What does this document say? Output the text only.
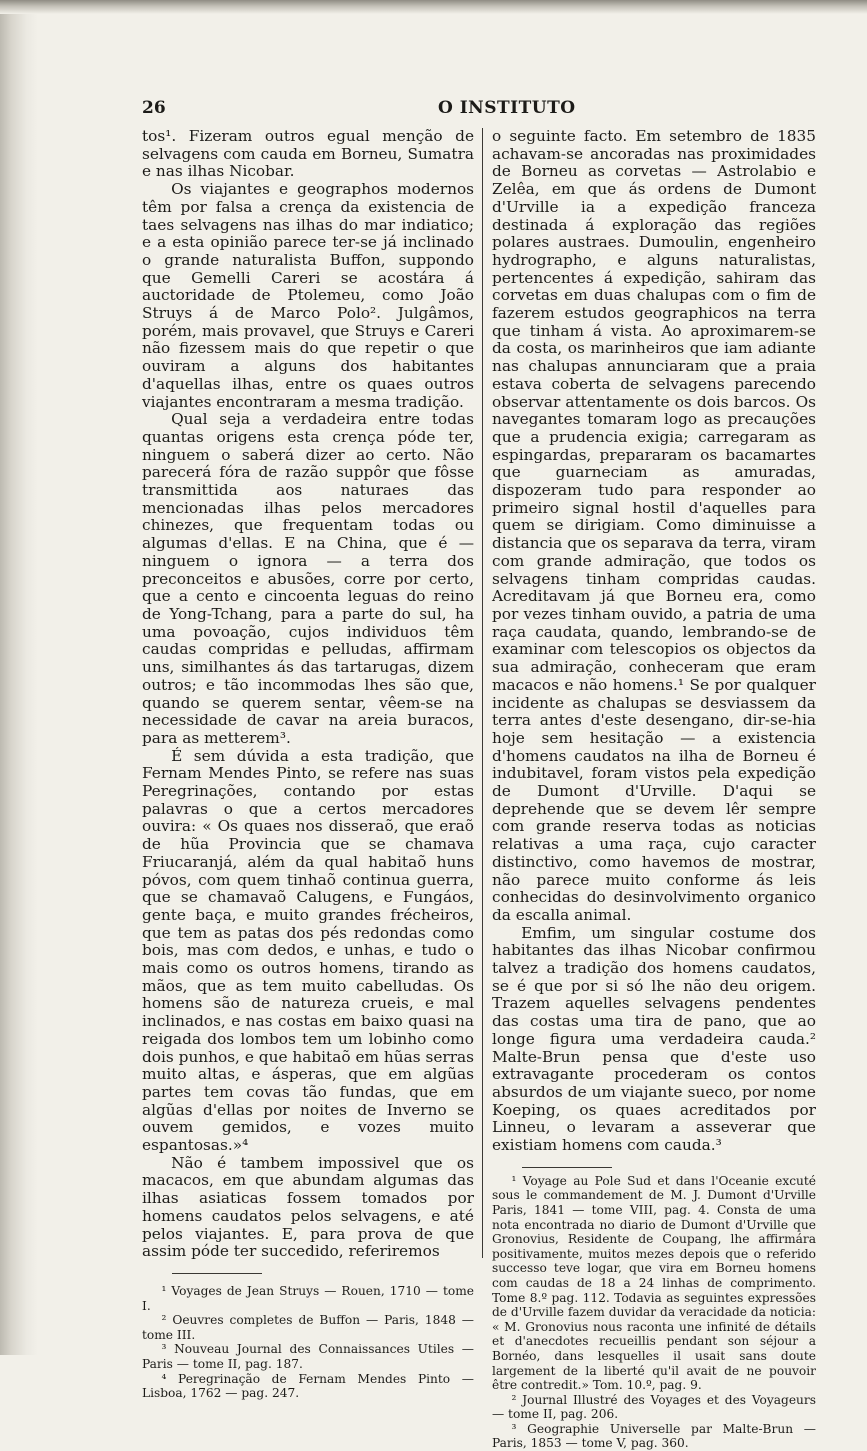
26	O INSTITUTO

tos¹. Fizeram outros egual menção de selvagens com cauda em Borneu, Sumatra e nas ilhas Nicobar.

Os viajantes e geographos modernos têm por falsa a crença da existencia de taes selvagens nas ilhas do mar indiatico; e a esta opinião parece ter-se já inclinado o grande naturalista Buffon, suppondo que Gemelli Careri se acostára á auctoridade de Ptolemeu, como João Struys á de Marco Polo². Julgâmos, porém, mais provavel, que Struys e Careri não fizessem mais do que repetir o que ouviram a alguns dos habitantes d'aquellas ilhas, entre os quaes outros viajantes encontraram a mesma tradição.

Qual seja a verdadeira entre todas quantas origens esta crença póde ter, ninguem o saberá dizer ao certo. Não parecerá fóra de razão suppôr que fôsse transmittida aos naturaes das mencionadas ilhas pelos mercadores chinezes, que frequentam todas ou algumas d'ellas. E na China, que é — ninguem o ignora — a terra dos preconceitos e abusões, corre por certo, que a cento e cincoenta leguas do reino de Yong-Tchang, para a parte do sul, ha uma povoação, cujos individuos têm caudas compridas e pelludas, affirmam uns, similhantes ás das tartarugas, dizem outros; e tão incommodas lhes são que, quando se querem sentar, vêem-se na necessidade de cavar na areia buracos, para as metterem³.

É sem dúvida a esta tradição, que Fernam Mendes Pinto, se refere nas suas Peregrinações, contando por estas palavras o que a certos mercadores ouvira: « Os quaes nos disseraõ, que eraõ de hũa Provincia que se chamava Friucaranjá, além da qual habitaõ huns póvos, com quem tinhaõ continua guerra, que se chamavaõ Calugens, e Fungáos, gente baça, e muito grandes frécheiros, que tem as patas dos pés redondas como bois, mas com dedos, e unhas, e tudo o mais como os outros homens, tirando as mãos, que as tem muito cabelludas. Os homens são de natureza crueis, e mal inclinados, e nas costas em baixo quasi na reigada dos lombos tem um lobinho como dois punhos, e que habitaõ em hũas serras muito altas, e ásperas, que em algũas partes tem covas tão fundas, que em algũas d'ellas por noites de Inverno se ouvem gemidos, e vozes muito espantosas.»⁴

Não é tambem impossivel que os macacos, em que abundam algumas das ilhas asiaticas fossem tomados por homens caudatos pelos selvagens, e até pelos viajantes. E, para prova de que assim póde ter succedido, referiremos

¹ Voyages de Jean Struys — Rouen, 1710 — tome I.

² Oeuvres completes de Buffon — Paris, 1848 — tome III.

³ Nouveau Journal des Connaissances Utiles — Paris — tome II, pag. 187.

⁴ Peregrinação de Fernam Mendes Pinto — Lisboa, 1762 — pag. 247.

o seguinte facto. Em setembro de 1835 achavam-se ancoradas nas proximidades de Borneu as corvetas — Astrolabio e Zelêa, em que ás ordens de Dumont d'Urville ia a expedição franceza destinada á exploração das regiões polares austraes. Dumoulin, engenheiro hydrographo, e alguns naturalistas, pertencentes á expedição, sahiram das corvetas em duas chalupas com o fim de fazerem estudos geographicos na terra que tinham á vista. Ao aproximarem-se da costa, os marinheiros que iam adiante nas chalupas annunciaram que a praia estava coberta de selvagens parecendo observar attentamente os dois barcos. Os navegantes tomaram logo as precauções que a prudencia exigia; carregaram as espingardas, prepararam os bacamartes que guarneciam as amuradas, dispozeram tudo para responder ao primeiro signal hostil d'aquelles para quem se dirigiam. Como diminuisse a distancia que os separava da terra, viram com grande admiração, que todos os selvagens tinham compridas caudas. Acreditavam já que Borneu era, como por vezes tinham ouvido, a patria de uma raça caudata, quando, lembrando-se de examinar com telescopios os objectos da sua admiração, conheceram que eram macacos e não homens.¹ Se por qualquer incidente as chalupas se desviassem da terra antes d'este desengano, dir-se-hia hoje sem hesitação — a existencia d'homens caudatos na ilha de Borneu é indubitavel, foram vistos pela expedição de Dumont d'Urville. D'aqui se deprehende que se devem lêr sempre com grande reserva todas as noticias relativas a uma raça, cujo caracter distinctivo, como havemos de mostrar, não parece muito conforme ás leis conhecidas do desinvolvimento organico da escalla animal.

Emfim, um singular costume dos habitantes das ilhas Nicobar confirmou talvez a tradição dos homens caudatos, se é que por si só lhe não deu origem. Trazem aquelles selvagens pendentes das costas uma tira de pano, que ao longe figura uma verdadeira cauda.² Malte-Brun pensa que d'este uso extravagante procederam os contos absurdos de um viajante sueco, por nome Koeping, os quaes acreditados por Linneu, o levaram a asseverar que existiam homens com cauda.³

¹ Voyage au Pole Sud et dans l'Oceanie excuté sous le commandement de M. J. Dumont d'Urville Paris, 1841 — tome VIII, pag. 4. Consta de uma nota encontrada no diario de Dumont d'Urville que Gronovius, Residente de Coupang, lhe affirmára positivamente, muitos mezes depois que o referido successo teve logar, que vira em Borneu homens com caudas de 18 a 24 linhas de comprimento. Tome 8.º pag. 112. Todavia as seguintes expressões de d'Urville fazem duvidar da veracidade da noticia: « M. Gronovius nous raconta une infinité de détails et d'anecdotes recueillis pendant son séjour a Bornéo, dans lesquelles il usait sans doute largement de la liberté qu'il avait de ne pouvoir être contredit.» Tom. 10.º, pag. 9.

² Journal Illustré des Voyages et des Voyageurs — tome II, pag. 206.

³ Geographie Universelle par Malte-Brun — Paris, 1853 — tome V, pag. 360.
